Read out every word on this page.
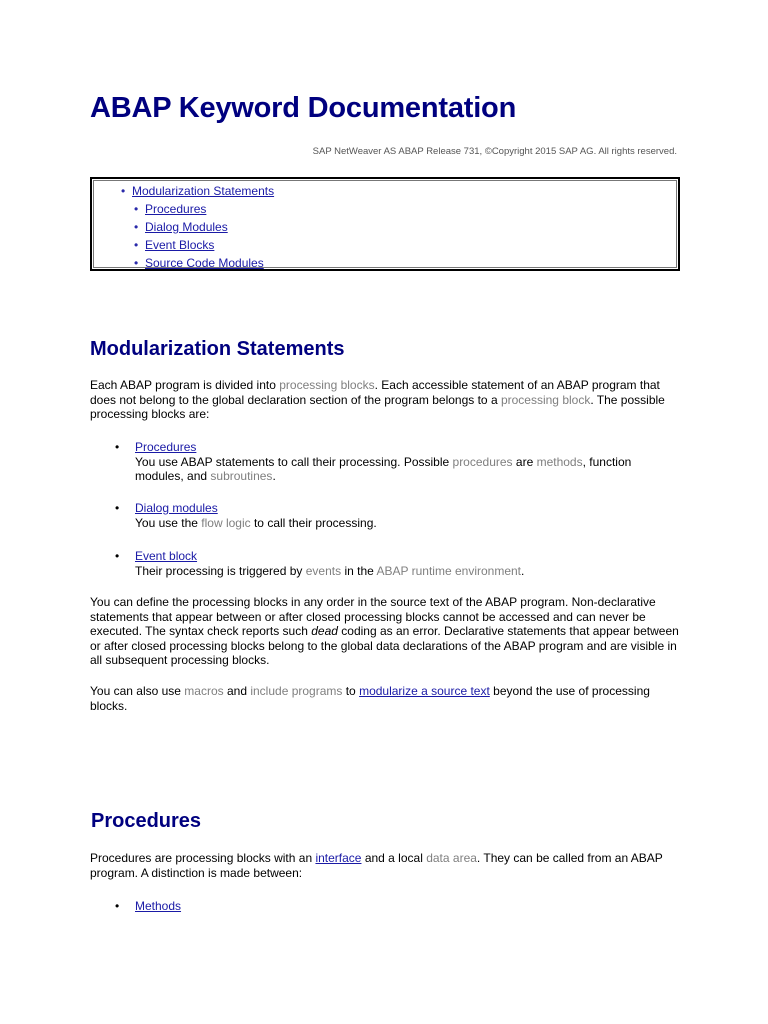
ABAP Keyword Documentation
SAP NetWeaver AS ABAP Release 731, ©Copyright 2015 SAP AG. All rights reserved.
• Modularization Statements
• Procedures
• Dialog Modules
• Event Blocks
• Source Code Modules
Modularization Statements

Each ABAP program is divided into processing blocks. Each accessible statement of an ABAP program that does not belong to the global declaration section of the program belongs to a processing block. The possible processing blocks are:

• Procedures
You use ABAP statements to call their processing. Possible procedures are methods, function modules, and subroutines.
• Dialog modules
You use the flow logic to call their processing.
• Event block
Their processing is triggered by events in the ABAP runtime environment.

You can define the processing blocks in any order in the source text of the ABAP program. Non-declarative statements that appear between or after closed processing blocks cannot be accessed and can never be executed. The syntax check reports such dead coding as an error. Declarative statements that appear between or after closed processing blocks belong to the global data declarations of the ABAP program and are visible in all subsequent processing blocks.

You can also use macros and include programs to modularize a source text beyond the use of processing blocks.

Procedures

Procedures are processing blocks with an interface and a local data area. They can be called from an ABAP program. A distinction is made between:

• Methods
